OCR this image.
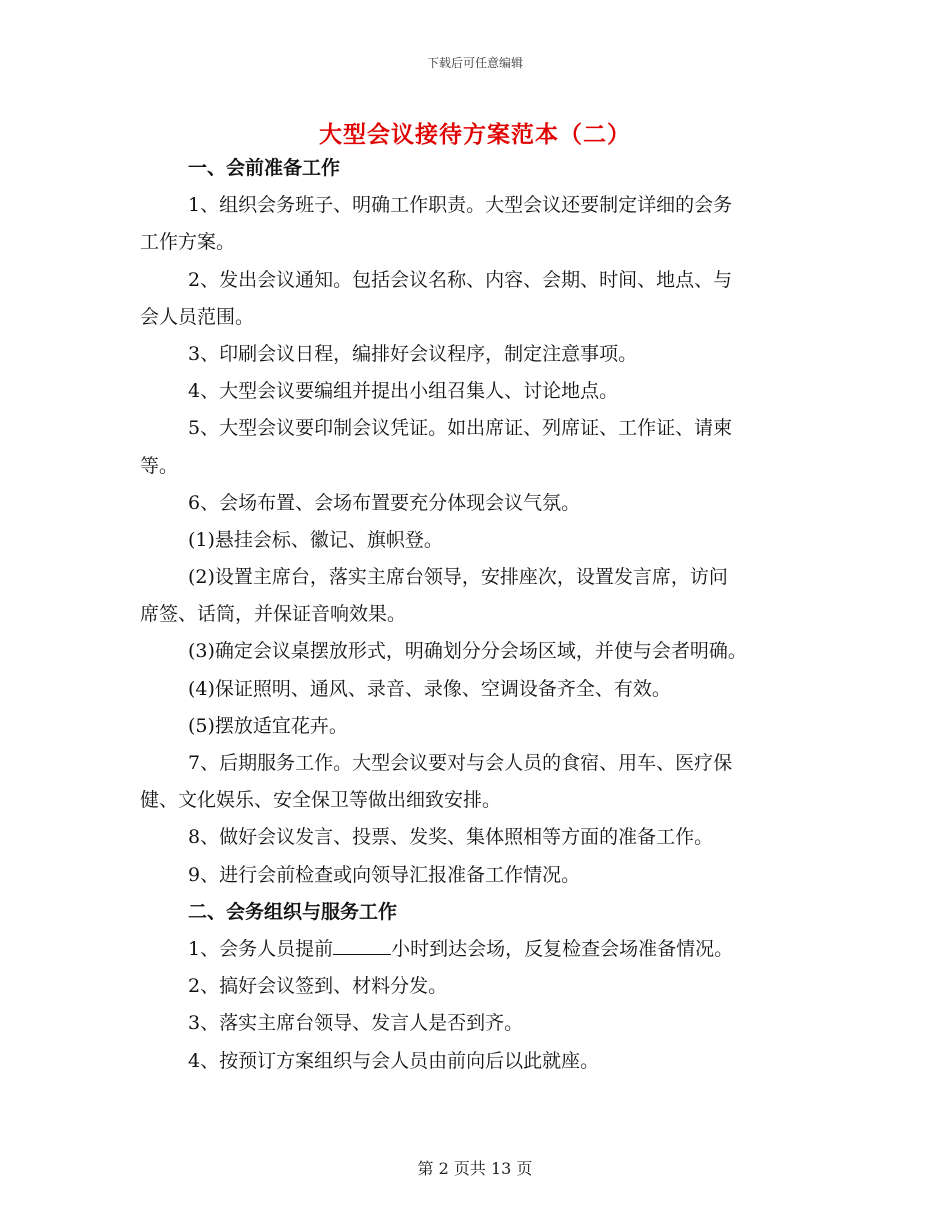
下载后可任意编辑
大型会议接待方案范本（二）
一、会前准备工作
1、组织会务班子、明确工作职责。大型会议还要制定详细的会务
工作方案。
2、发出会议通知。包括会议名称、内容、会期、时间、地点、与
会人员范围。
3、印刷会议日程，编排好会议程序，制定注意事项。
4、大型会议要编组并提出小组召集人、讨论地点。
5、大型会议要印制会议凭证。如出席证、列席证、工作证、请柬
等。
6、会场布置、会场布置要充分体现会议气氛。
(1)悬挂会标、徽记、旗帜登。
(2)设置主席台，落实主席台领导，安排座次，设置发言席，访问
席签、话筒，并保证音响效果。
(3)确定会议桌摆放形式，明确划分分会场区域，并使与会者明确。
(4)保证照明、通风、录音、录像、空调设备齐全、有效。
(5)摆放适宜花卉。
7、后期服务工作。大型会议要对与会人员的食宿、用车、医疗保
健、文化娱乐、安全保卫等做出细致安排。
8、做好会议发言、投票、发奖、集体照相等方面的准备工作。
9、进行会前检查或向领导汇报准备工作情况。
二、会务组织与服务工作
1、会务人员提前	小时到达会场，反复检查会场准备情况。
2、搞好会议签到、材料分发。
3、落实主席台领导、发言人是否到齐。
4、按预订方案组织与会人员由前向后以此就座。
第 2 页共 13 页
